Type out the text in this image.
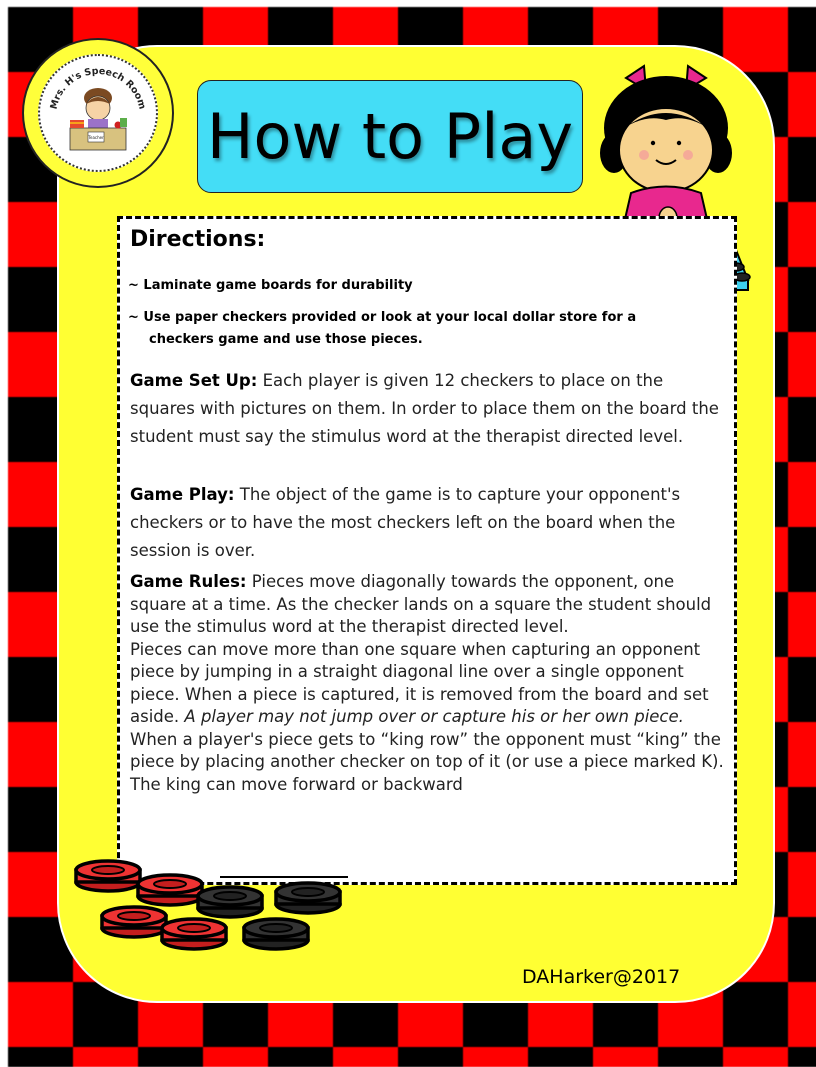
Mrs. H's Speech Room
Teacher How to Play
Directions:
~ Laminate game boards for durability
~ Use paper checkers provided or look at your local dollar store for a
checkers game and use those pieces.
Game Set Up: Each player is given 12 checkers to place on the squares with pictures on them. In order to place them on the board the student must say the stimulus word at the therapist directed level.
Game Play: The object of the game is to capture your opponent's checkers or to have the most checkers left on the board when the session is over.
Game Rules: Pieces move diagonally towards the opponent, one square at a time. As the checker lands on a square the student should use the stimulus word at the therapist directed level.
Pieces can move more than one square when capturing an opponent piece by jumping in a straight diagonal line over a single opponent piece. When a piece is captured, it is removed from the board and set aside. A player may not jump over or capture his or her own piece.
When a player's piece gets to “king row” the opponent must “king” the piece by placing another checker on top of it (or use a piece marked K). The king can move forward or backward
DAHarker@2017
